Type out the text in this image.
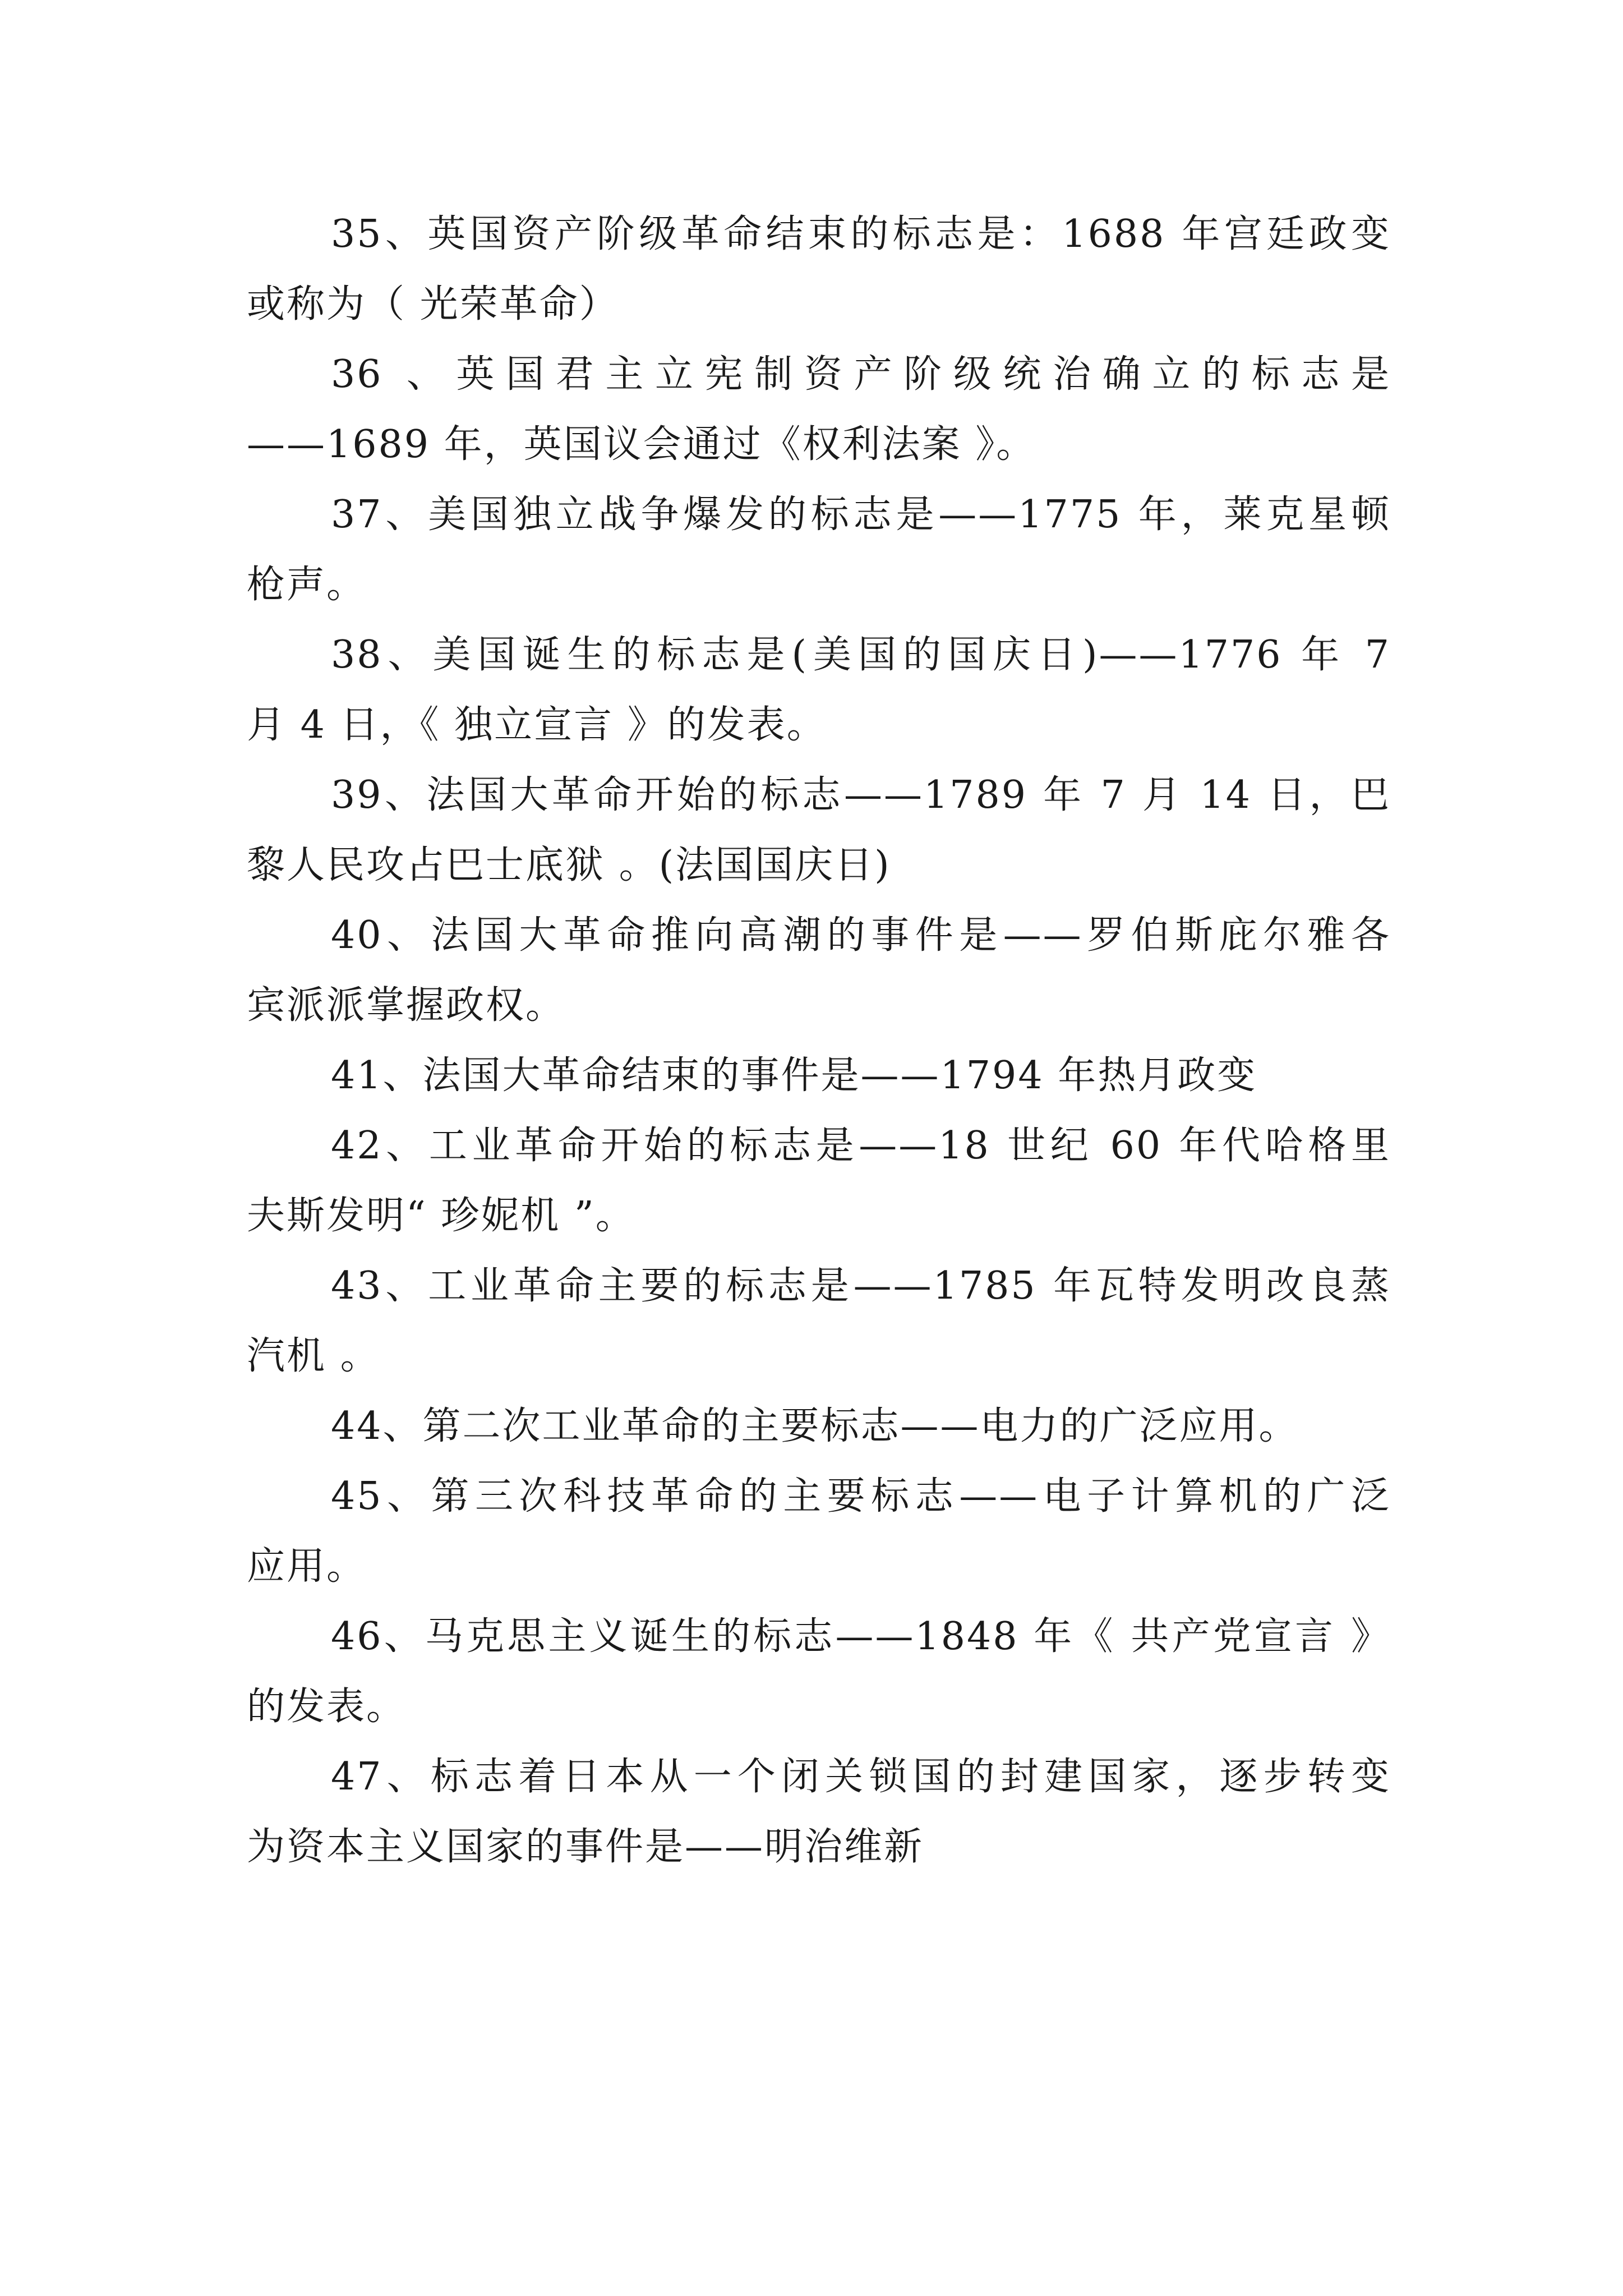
35、英国资产阶级革命结束的标志是：1688 年宫廷政变
或称为（ 光荣革命）
36 、英国君主立宪制资产阶级统治确立的标志是
——1689 年，英国议会通过《权利法案 》。
37、美国独立战争爆发的标志是——1775 年，莱克星顿
枪声。
38、美国诞生的标志是(美国的国庆日)——1776 年 7
月 4 日，《 独立宣言 》的发表。
39、法国大革命开始的标志——1789 年 7 月 14 日，巴
黎人民攻占巴士底狱 。(法国国庆日)
40、法国大革命推向高潮的事件是——罗伯斯庇尔雅各
宾派派掌握政权。
41、法国大革命结束的事件是——1794 年热月政变
42、工业革命开始的标志是——18 世纪 60 年代哈格里
夫斯发明“ 珍妮机 ”。
43、工业革命主要的标志是——1785 年瓦特发明改良蒸
汽机 。
44、第二次工业革命的主要标志——电力的广泛应用。
45、第三次科技革命的主要标志——电子计算机的广泛
应用。
46、马克思主义诞生的标志——1848 年《 共产党宣言 》
的发表。
47、标志着日本从一个闭关锁国的封建国家，逐步转变
为资本主义国家的事件是——明治维新
